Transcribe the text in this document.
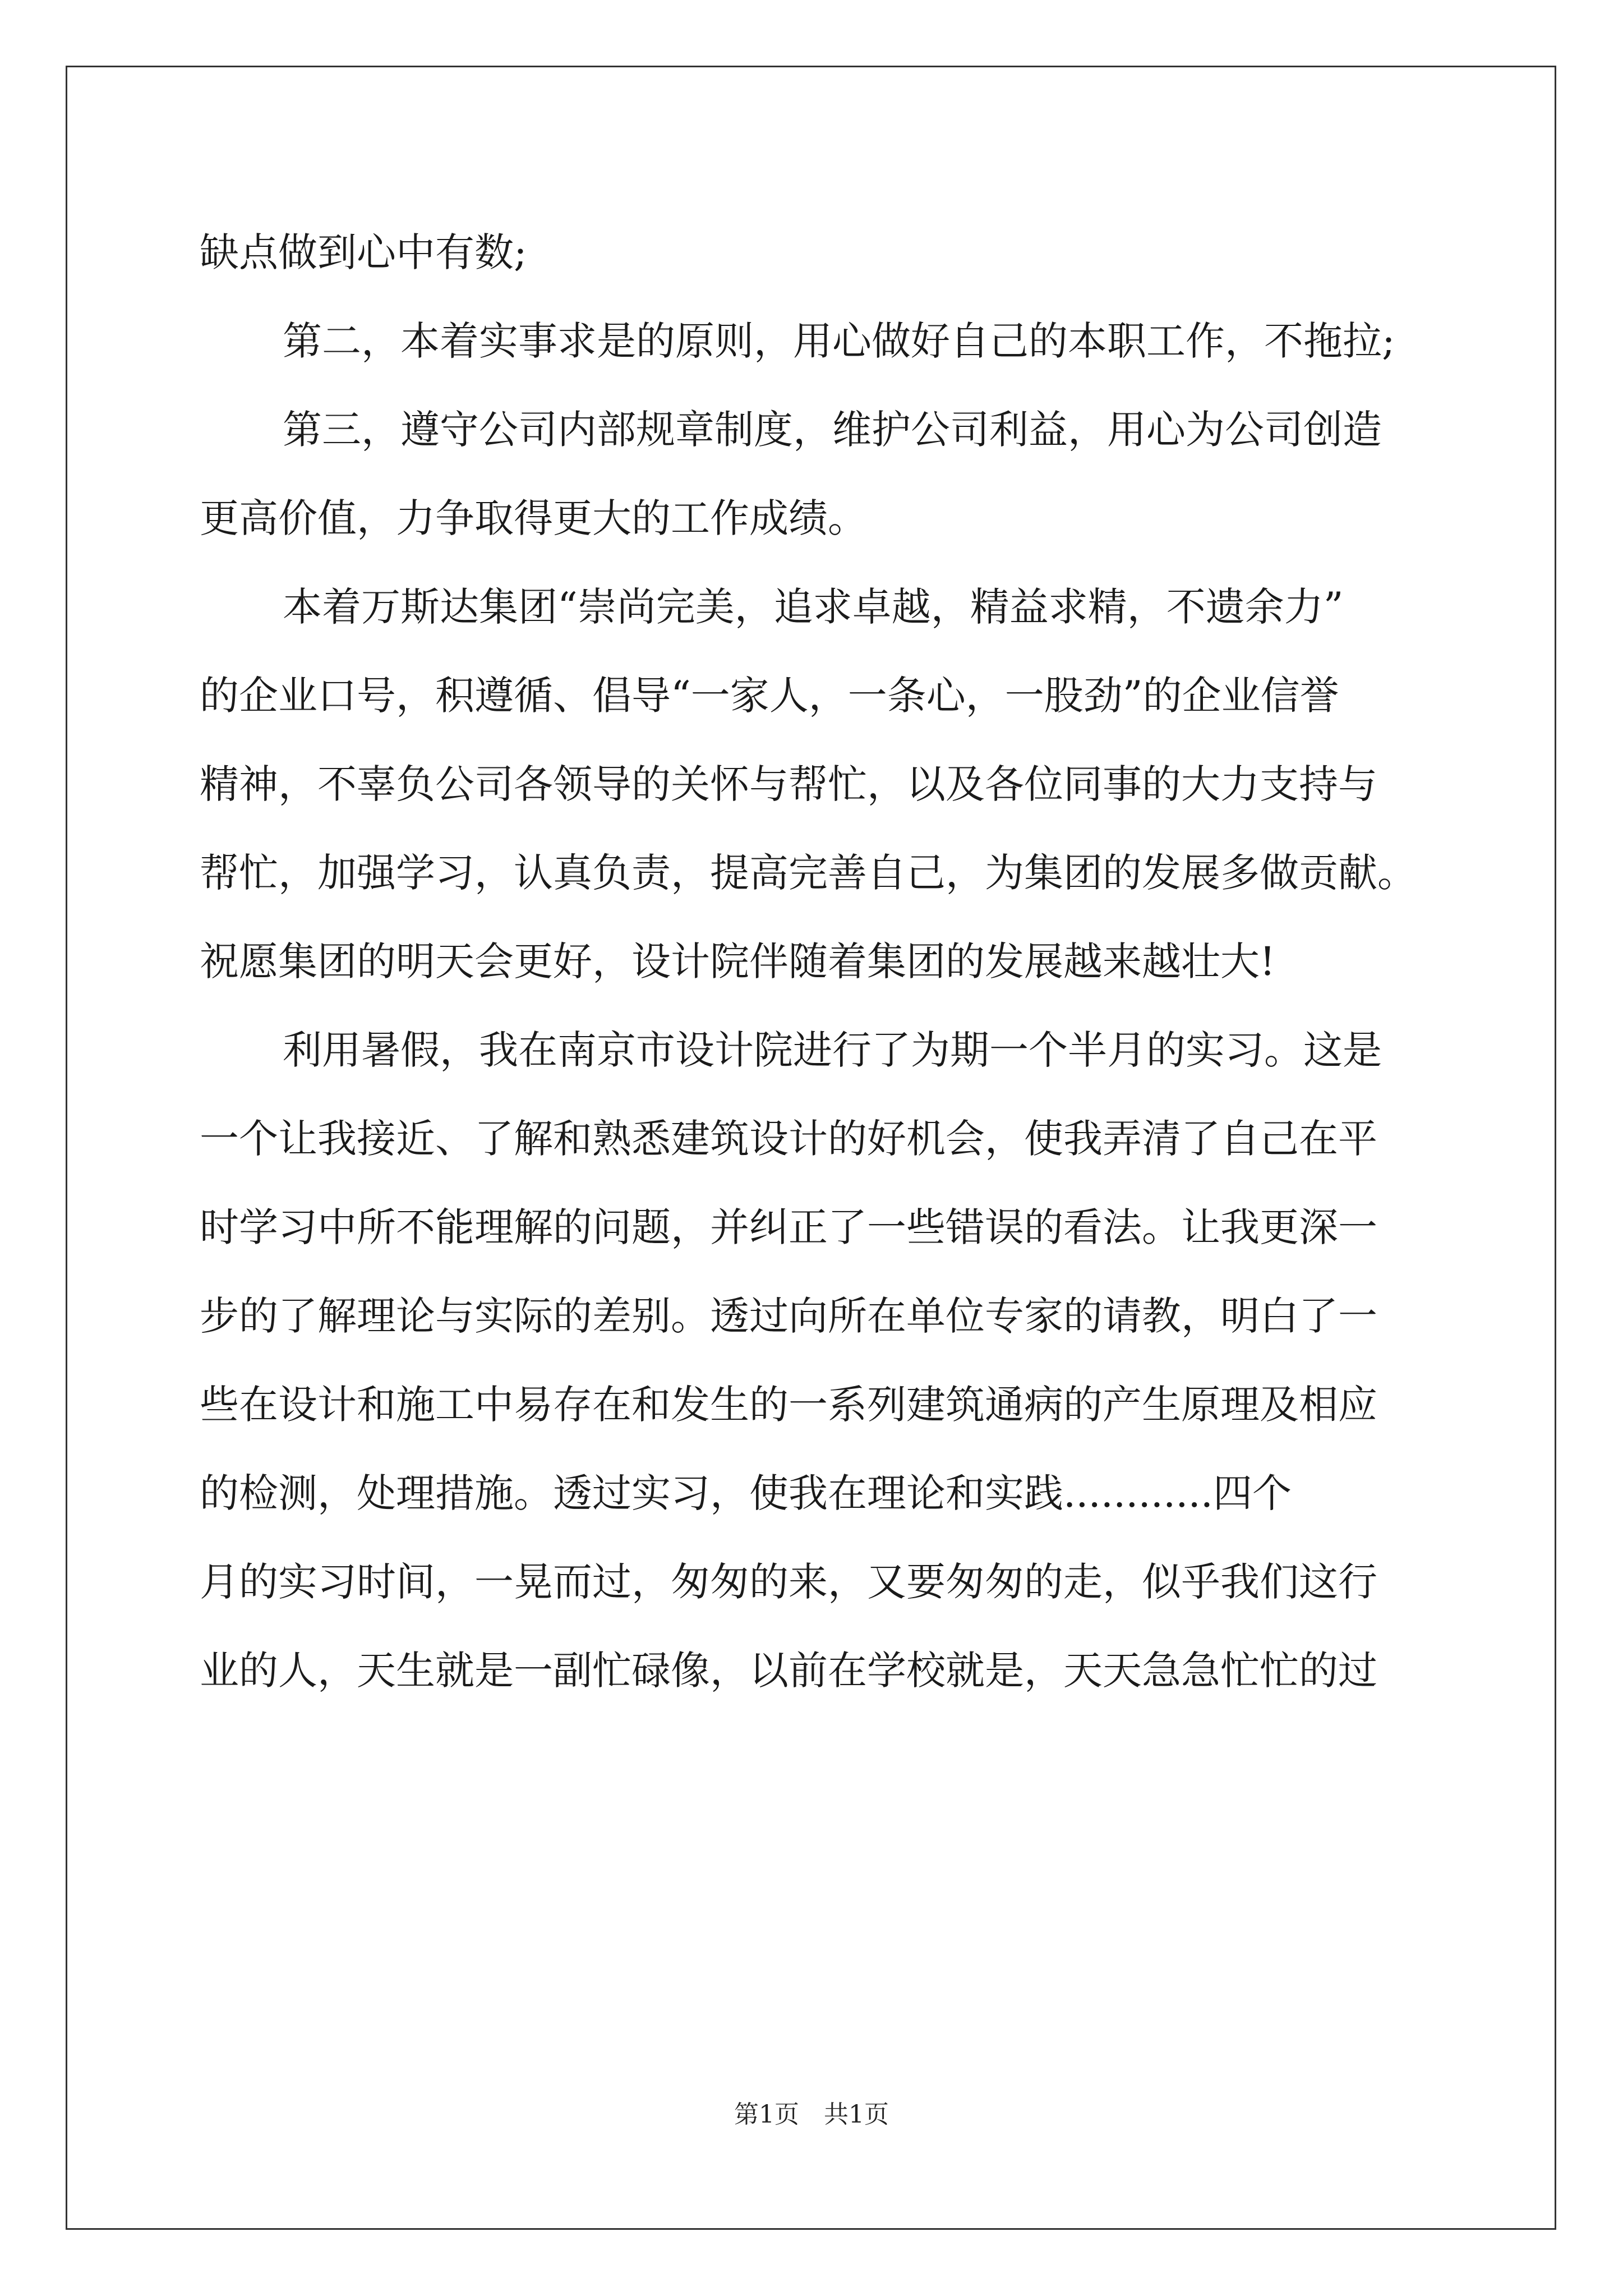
缺点做到心中有数;
第二，本着实事求是的原则，用心做好自己的本职工作，不拖拉;
第三，遵守公司内部规章制度，维护公司利益，用心为公司创造
更高价值，力争取得更大的工作成绩。
本着万斯达集团“崇尚完美，追求卓越，精益求精，不遗余力”
的企业口号，积遵循、倡导“一家人，一条心，一股劲”的企业信誉
精神，不辜负公司各领导的关怀与帮忙，以及各位同事的大力支持与
帮忙，加强学习，认真负责，提高完善自己，为集团的发展多做贡献。
祝愿集团的明天会更好，设计院伴随着集团的发展越来越壮大!
利用暑假，我在南京市设计院进行了为期一个半月的实习。这是
一个让我接近、了解和熟悉建筑设计的好机会，使我弄清了自己在平
时学习中所不能理解的问题，并纠正了一些错误的看法。让我更深一
步的了解理论与实际的差别。透过向所在单位专家的请教，明白了一
些在设计和施工中易存在和发生的一系列建筑通病的产生原理及相应
的检测，处理措施。透过实习，使我在理论和实践............四个
月的实习时间，一晃而过，匆匆的来，又要匆匆的走，似乎我们这行
业的人，天生就是一副忙碌像，以前在学校就是，天天急急忙忙的过
第1页　共1页
